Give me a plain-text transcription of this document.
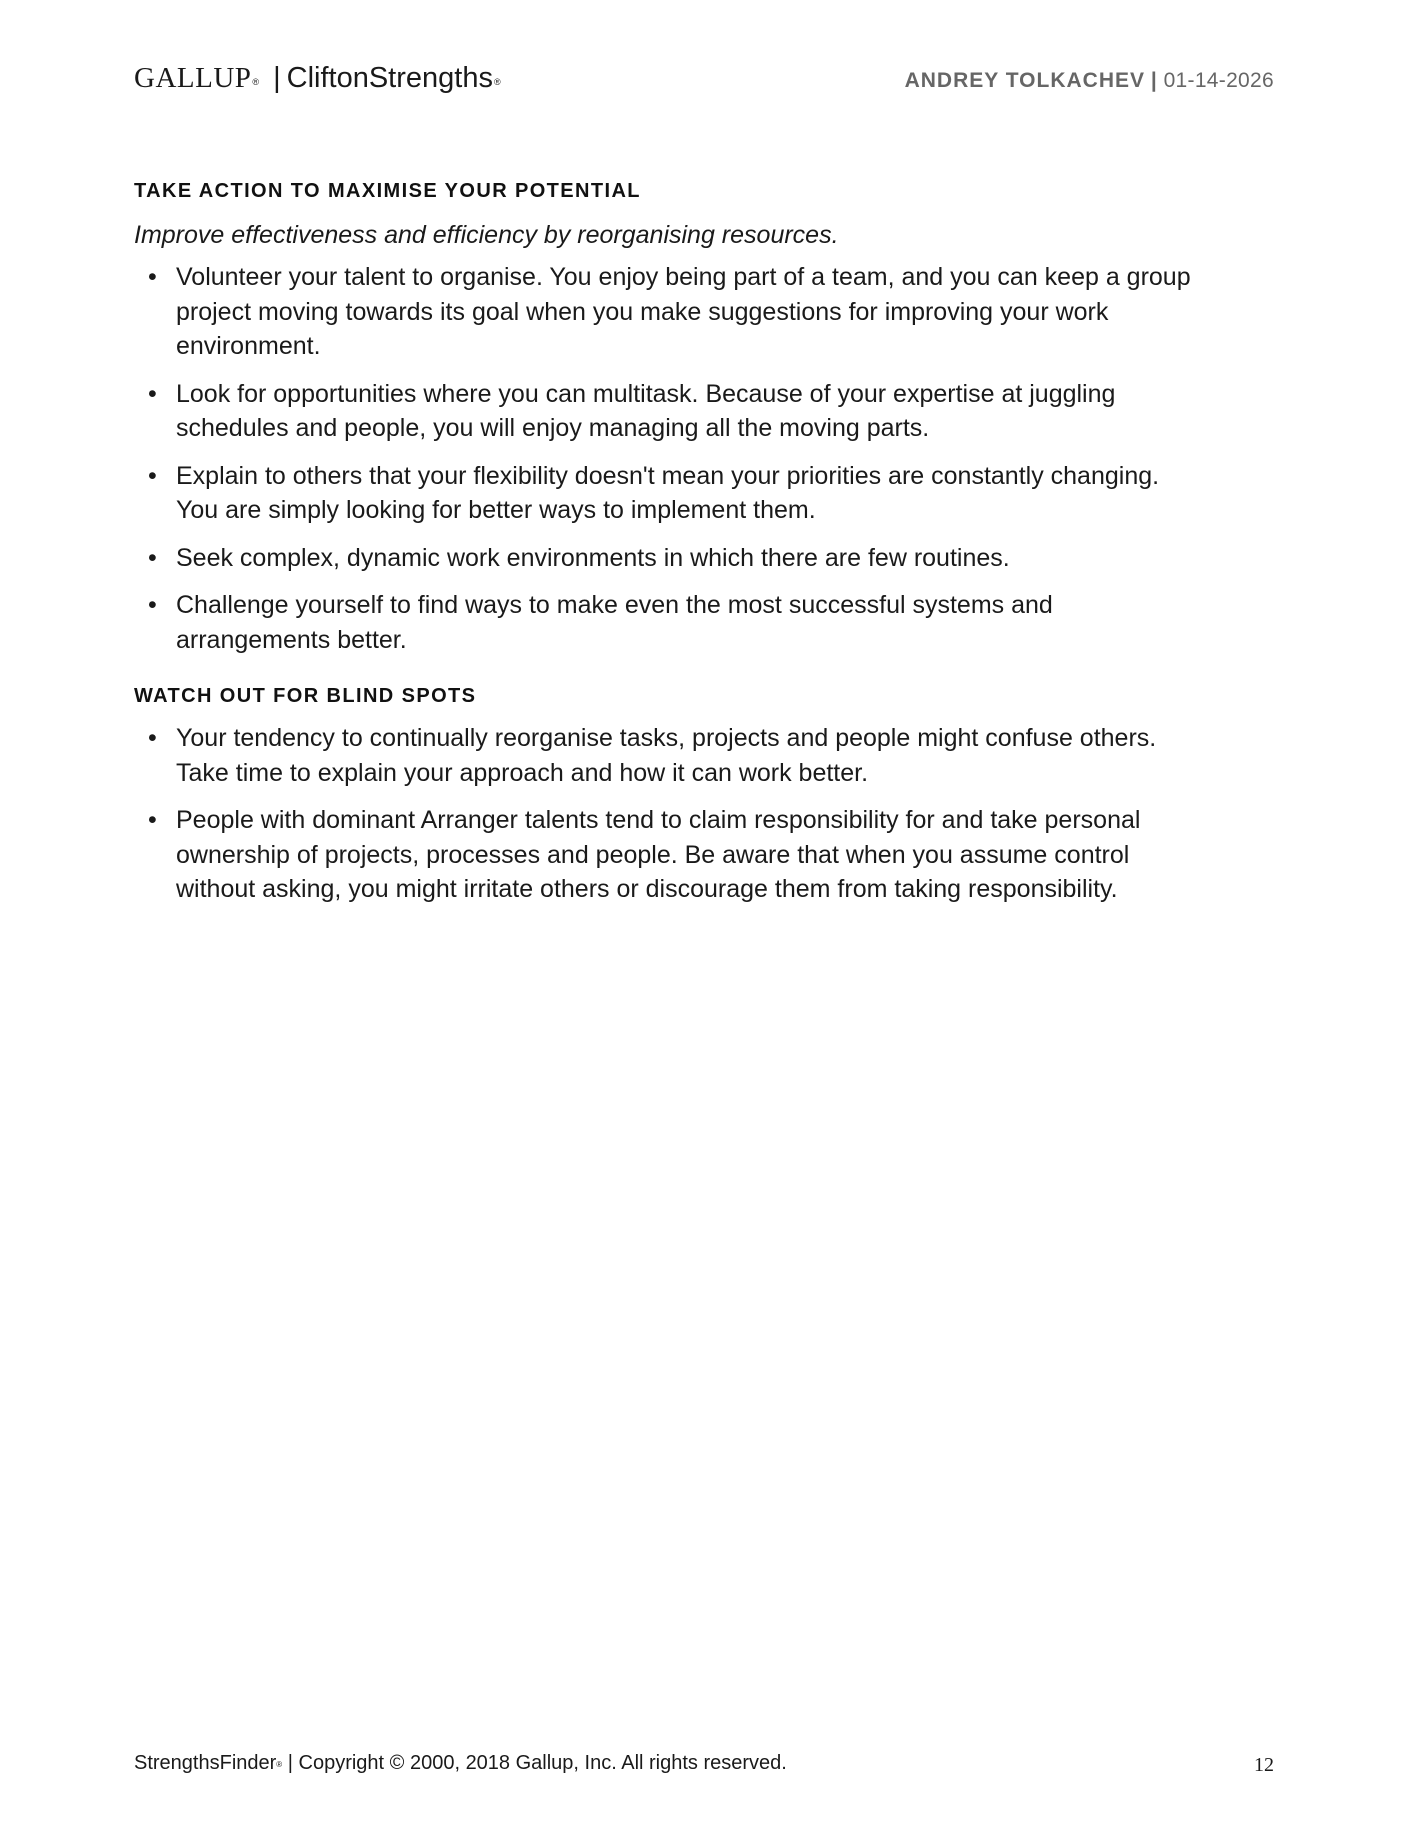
GALLUP® | CliftonStrengths®	ANDREY TOLKACHEV | 01-14-2026
TAKE ACTION TO MAXIMISE YOUR POTENTIAL

Improve effectiveness and efficiency by reorganising resources.

• Volunteer your talent to organise. You enjoy being part of a team, and you can keep a group project moving towards its goal when you make suggestions for improving your work environment.
• Look for opportunities where you can multitask. Because of your expertise at juggling schedules and people, you will enjoy managing all the moving parts.
• Explain to others that your flexibility doesn't mean your priorities are constantly changing. You are simply looking for better ways to implement them.
• Seek complex, dynamic work environments in which there are few routines.
• Challenge yourself to find ways to make even the most successful systems and arrangements better.
WATCH OUT FOR BLIND SPOTS
• Your tendency to continually reorganise tasks, projects and people might confuse others. Take time to explain your approach and how it can work better.
• People with dominant Arranger talents tend to claim responsibility for and take personal ownership of projects, processes and people. Be aware that when you assume control without asking, you might irritate others or discourage them from taking responsibility.
StrengthsFinder® | Copyright © 2000, 2018 Gallup, Inc. All rights reserved.	12
